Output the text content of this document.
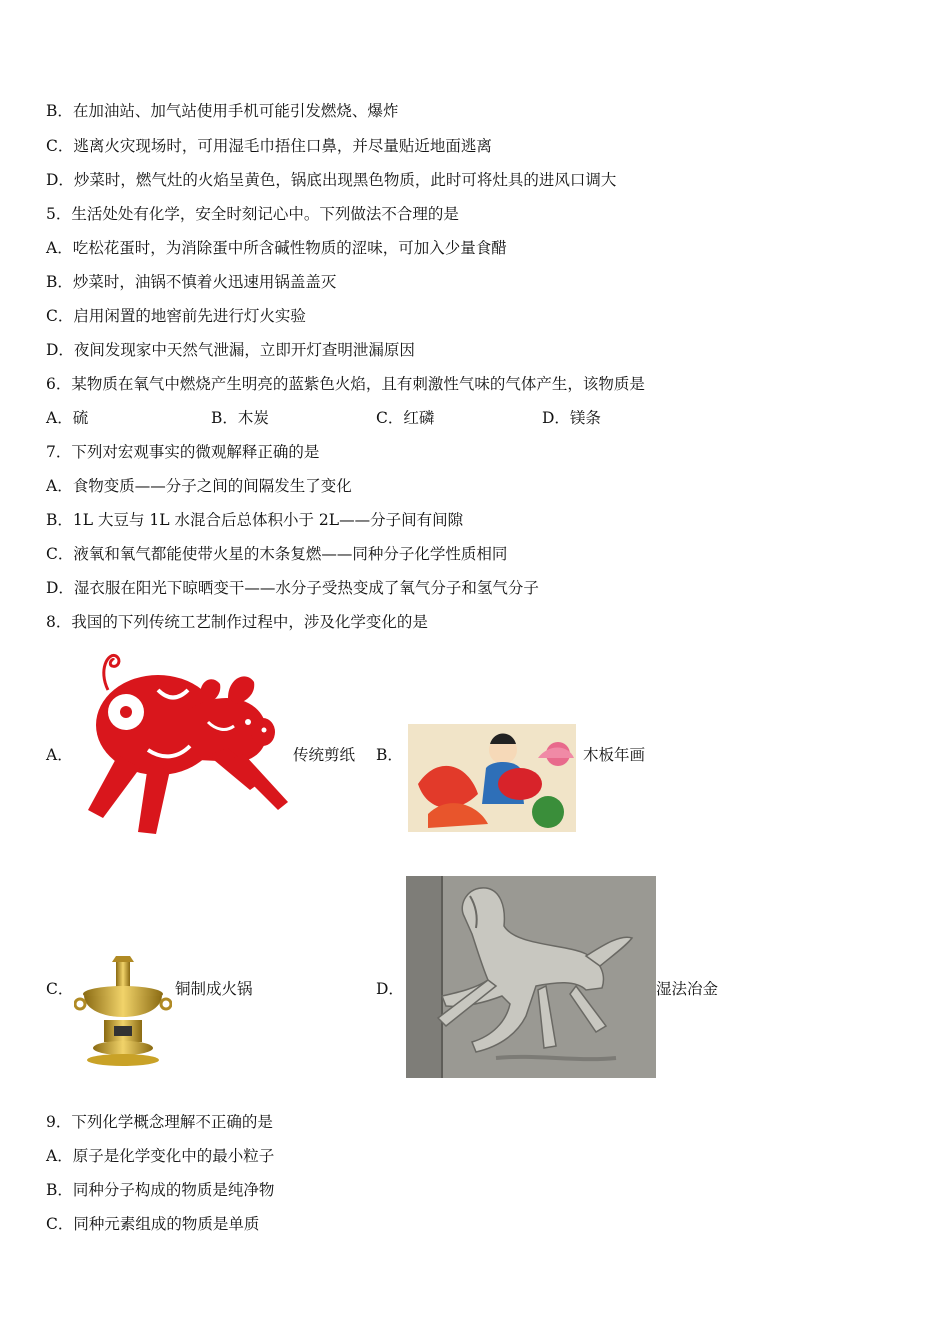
B．在加油站、加气站使用手机可能引发燃烧、爆炸
C．逃离火灾现场时，可用湿毛巾捂住口鼻，并尽量贴近地面逃离
D．炒菜时，燃气灶的火焰呈黄色，锅底出现黑色物质，此时可将灶具的进风口调大
5．生活处处有化学，安全时刻记心中。下列做法不合理的是
A．吃松花蛋时，为消除蛋中所含碱性物质的涩味，可加入少量食醋
B．炒菜时，油锅不慎着火迅速用锅盖盖灭
C．启用闲置的地窖前先进行灯火实验
D．夜间发现家中天然气泄漏，立即开灯查明泄漏原因
6．某物质在氧气中燃烧产生明亮的蓝紫色火焰，且有刺激性气味的气体产生，该物质是
A．硫	B．木炭	C．红磷	D．镁条
7．下列对宏观事实的微观解释正确的是
A．食物变质——分子之间的间隔发生了变化
B．1L 大豆与 1L 水混合后总体积小于 2L——分子间有间隙
C．液氧和氧气都能使带火星的木条复燃——同种分子化学性质相同
D．湿衣服在阳光下晾晒变干——水分子受热变成了氧气分子和氢气分子
8．我国的下列传统工艺制作过程中，涉及化学变化的是
A．	传统剪纸 B．	木板年画
C．	铜制成火锅	D．	湿法冶金
9．下列化学概念理解不正确的是
A．原子是化学变化中的最小粒子
B．同种分子构成的物质是纯净物
C．同种元素组成的物质是单质
